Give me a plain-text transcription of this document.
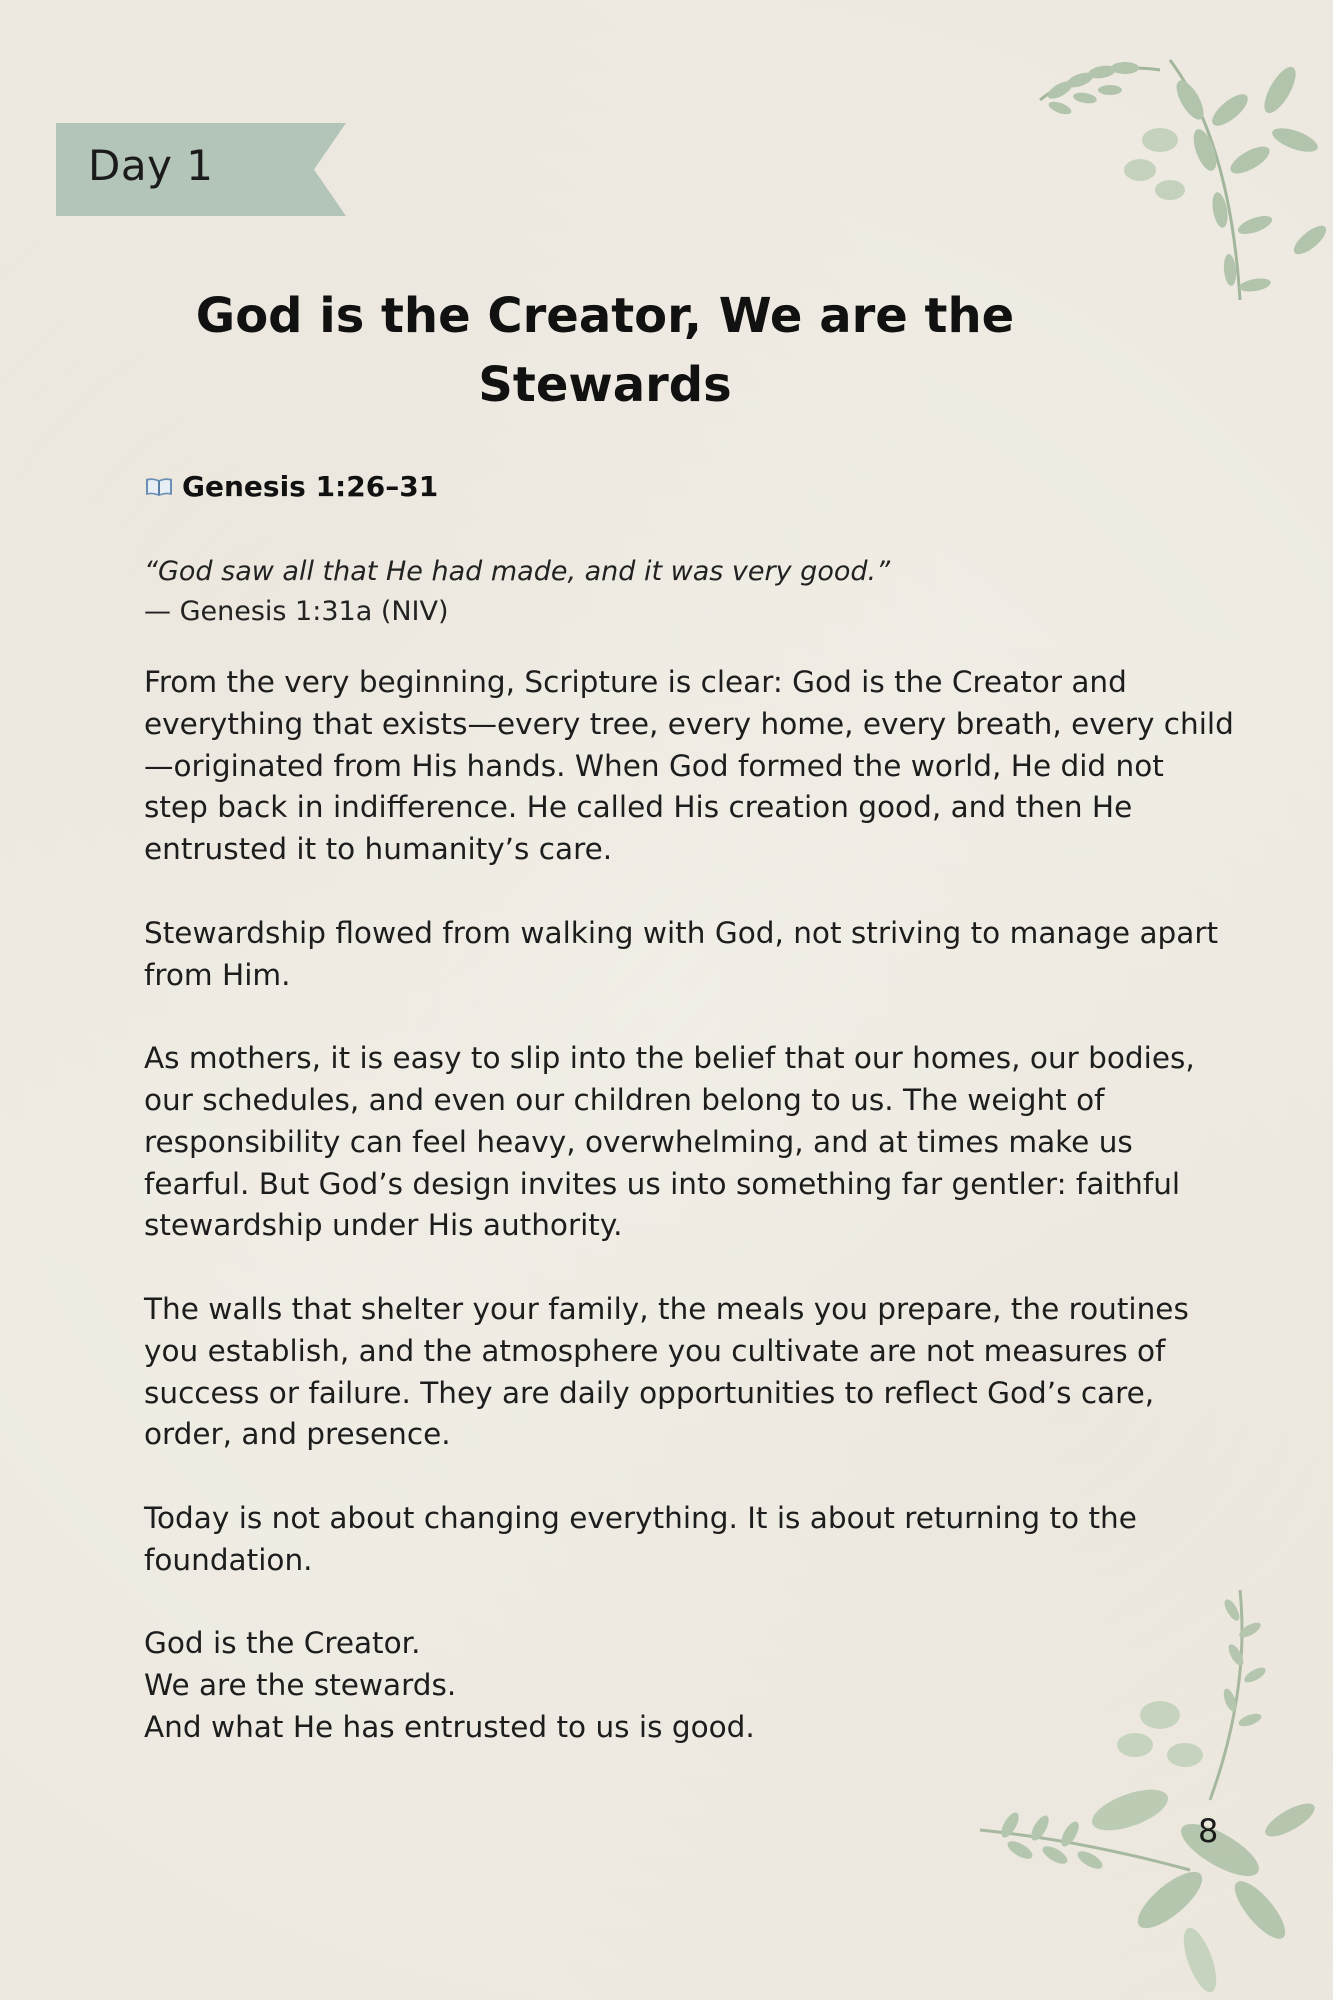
Day 1
God is the Creator, We are the Stewards
Genesis 1:26–31
“God saw all that He had made, and it was very good.”
— Genesis 1:31a (NIV)

From the very beginning, Scripture is clear: God is the Creator and everything that exists—every tree, every home, every breath, every child—originated from His hands. When God formed the world, He did not step back in indifference. He called His creation good, and then He entrusted it to humanity’s care.

Stewardship flowed from walking with God, not striving to manage apart from Him.

As mothers, it is easy to slip into the belief that our homes, our bodies, our schedules, and even our children belong to us. The weight of responsibility can feel heavy, overwhelming, and at times make us fearful. But God’s design invites us into something far gentler: faithful stewardship under His authority.

The walls that shelter your family, the meals you prepare, the routines you establish, and the atmosphere you cultivate are not measures of success or failure. They are daily opportunities to reflect God’s care, order, and presence.

Today is not about changing everything. It is about returning to the foundation.

God is the Creator.

We are the stewards.

And what He has entrusted to us is good.

8
